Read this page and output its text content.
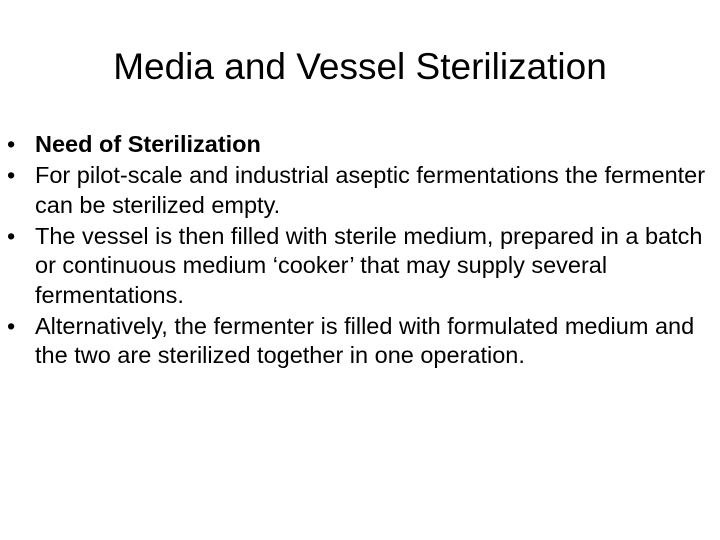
Media and Vessel Sterilization
• Need of Sterilization
• For pilot-scale and industrial aseptic fermentations the fermenter can be sterilized empty.
• The vessel is then filled with sterile medium, prepared in a batch or continuous medium ‘cooker’ that may supply several fermentations.
• Alternatively, the fermenter is filled with formulated medium and the two are sterilized together in one operation.
